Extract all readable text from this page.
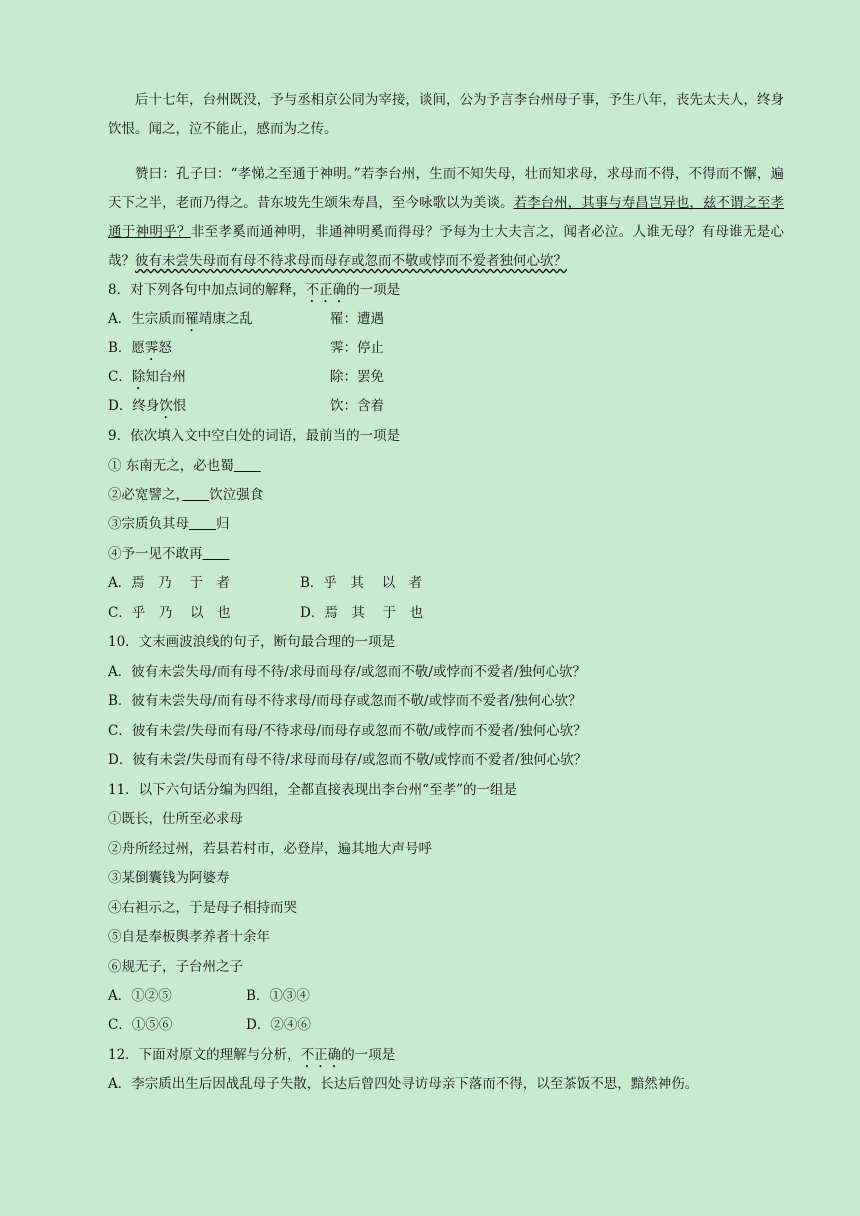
后十七年，台州既没，予与丞相京公同为宰接，谈间，公为予言李台州母子事，予生八年，丧先太夫人，终身饮恨。闻之，泣不能止，感而为之传。

赞曰：孔子曰：“孝悌之至通于神明。”若李台州，生而不知失母，壮而知求母，求母而不得，不得而不懈，遍天下之半，老而乃得之。昔东坡先生颂朱寿昌，至今咏歌以为美谈。若李台州，其事与寿昌岂异也，兹不谓之至孝通于神明乎？非至孝奚而通神明，非通神明奚而得母？予每为士大夫言之，闻者必泣。人谁无母？有母谁无是心哉？彼有未尝失母而有母不待求母而母存或忽而不敬或悖而不爱者独何心欤？

8．对下列各句中加点词的解释，不正确的一项是
A．生宗质而罹靖康之乱	罹：遭遇
B．愿霁怒	霁：停止
C．除知台州	除：罢免
D．终身饮恨	饮：含着
9．依次填入文中空白处的词语，最前当的一项是
① 东南无之，必也蜀　　
②必宽譬之，　　 饮泣强食
③宗质负其母　　 归
④予一见不敢再　　
A．焉　乃　 于　者	B．乎　其　 以　者
C．乎　乃　 以　也	D．焉　其　 于　也
10．文末画波浪线的句子，断句最合理的一项是
A．彼有未尝失母/而有母不待/求母而母存/或忽而不敬/或悖而不爱者/独何心欤？
B．彼有未尝失母/而有母不待求母/而母存或忽而不敬/或悖而不爱者/独何心欤？
C．彼有未尝/失母而有母/不待求母/而母存或忽而不敬/或悖而不爱者/独何心欤？
D．彼有未尝/失母而有母不待/求母而母存/或忽而不敬/或悖而不爱者/独何心欤？
11．以下六句话分编为四组，全都直接表现出李台州“至孝”的一组是
①既长，仕所至必求母
②舟所经过州，若县若村市，必登岸，遍其地大声号呼
③某倒囊钱为阿婆寿
④右袒示之，于是母子相持而哭
⑤自是奉板舆孝养者十余年
⑥规无子，子台州之子
A．①②⑤	B．①③④
C．①⑤⑥	D．②④⑥
12．下面对原文的理解与分析，不正确的一项是
A．李宗质出生后因战乱母子失散，长达后曾四处寻访母亲下落而不得，以至茶饭不思，黯然神伤。
